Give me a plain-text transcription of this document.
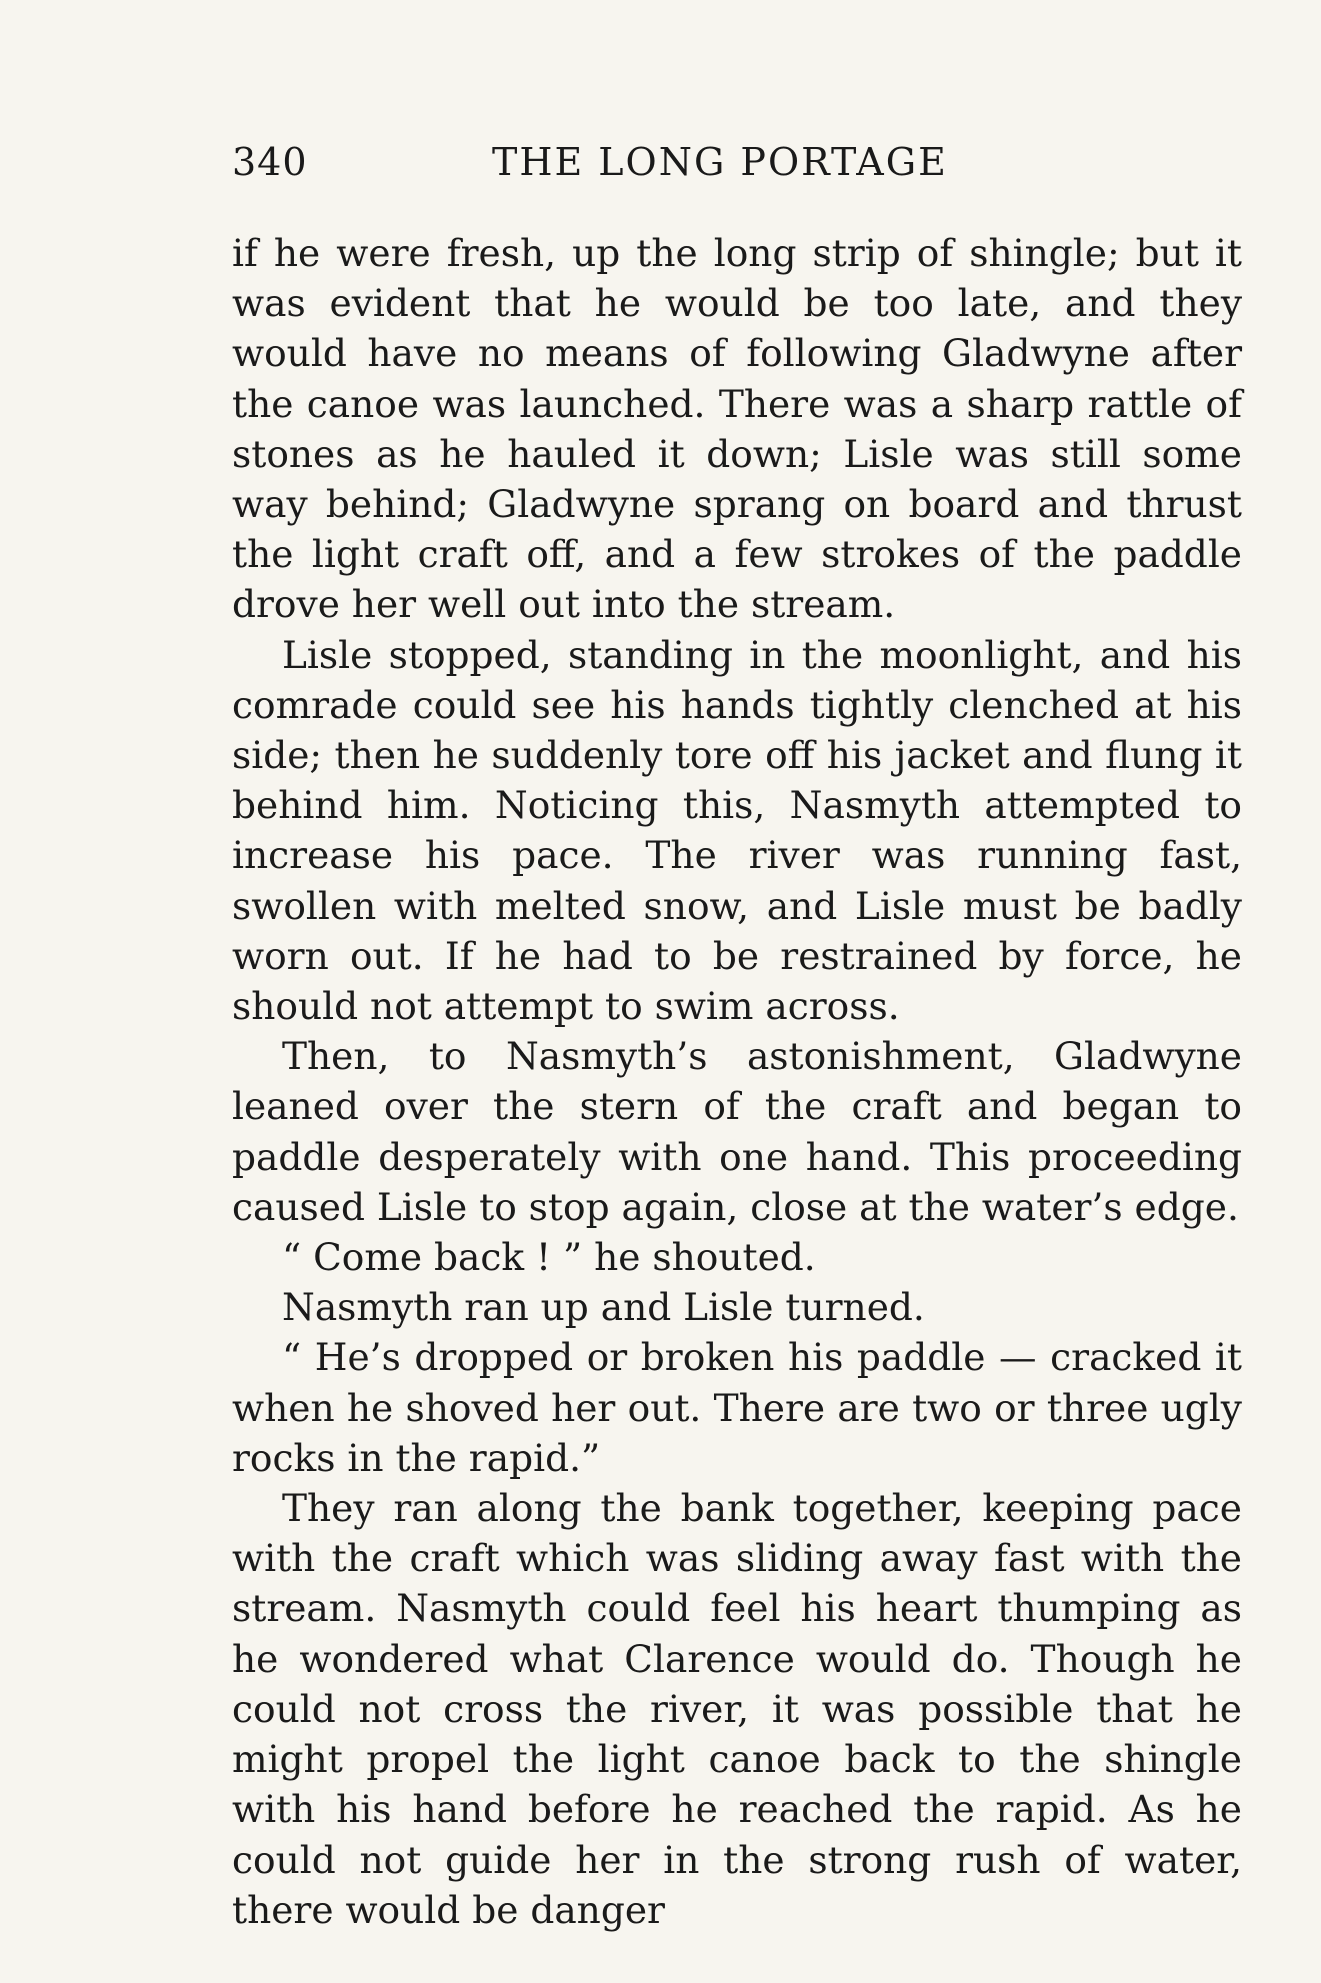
340	THE LONG PORTAGE

if he were fresh, up the long strip of shingle; but it was evident that he would be too late, and they would have no means of following Gladwyne after the canoe was launched. There was a sharp rattle of stones as he hauled it down; Lisle was still some way behind; Gladwyne sprang on board and thrust the light craft off, and a few strokes of the paddle drove her well out into the stream.

Lisle stopped, standing in the moonlight, and his comrade could see his hands tightly clenched at his side; then he suddenly tore off his jacket and flung it behind him. Noticing this, Nasmyth attempted to increase his pace. The river was running fast, swollen with melted snow, and Lisle must be badly worn out. If he had to be restrained by force, he should not attempt to swim across.

Then, to Nasmyth’s astonishment, Gladwyne leaned over the stern of the craft and began to paddle desperately with one hand. This proceeding caused Lisle to stop again, close at the water’s edge.

“ Come back ! ” he shouted.

Nasmyth ran up and Lisle turned.

“ He’s dropped or broken his paddle — cracked it when he shoved her out. There are two or three ugly rocks in the rapid.”

They ran along the bank together, keeping pace with the craft which was sliding away fast with the stream. Nasmyth could feel his heart thumping as he wondered what Clarence would do. Though he could not cross the river, it was possible that he might propel the light canoe back to the shingle with his hand before he reached the rapid. As he could not guide her in the strong rush of water, there would be danger
